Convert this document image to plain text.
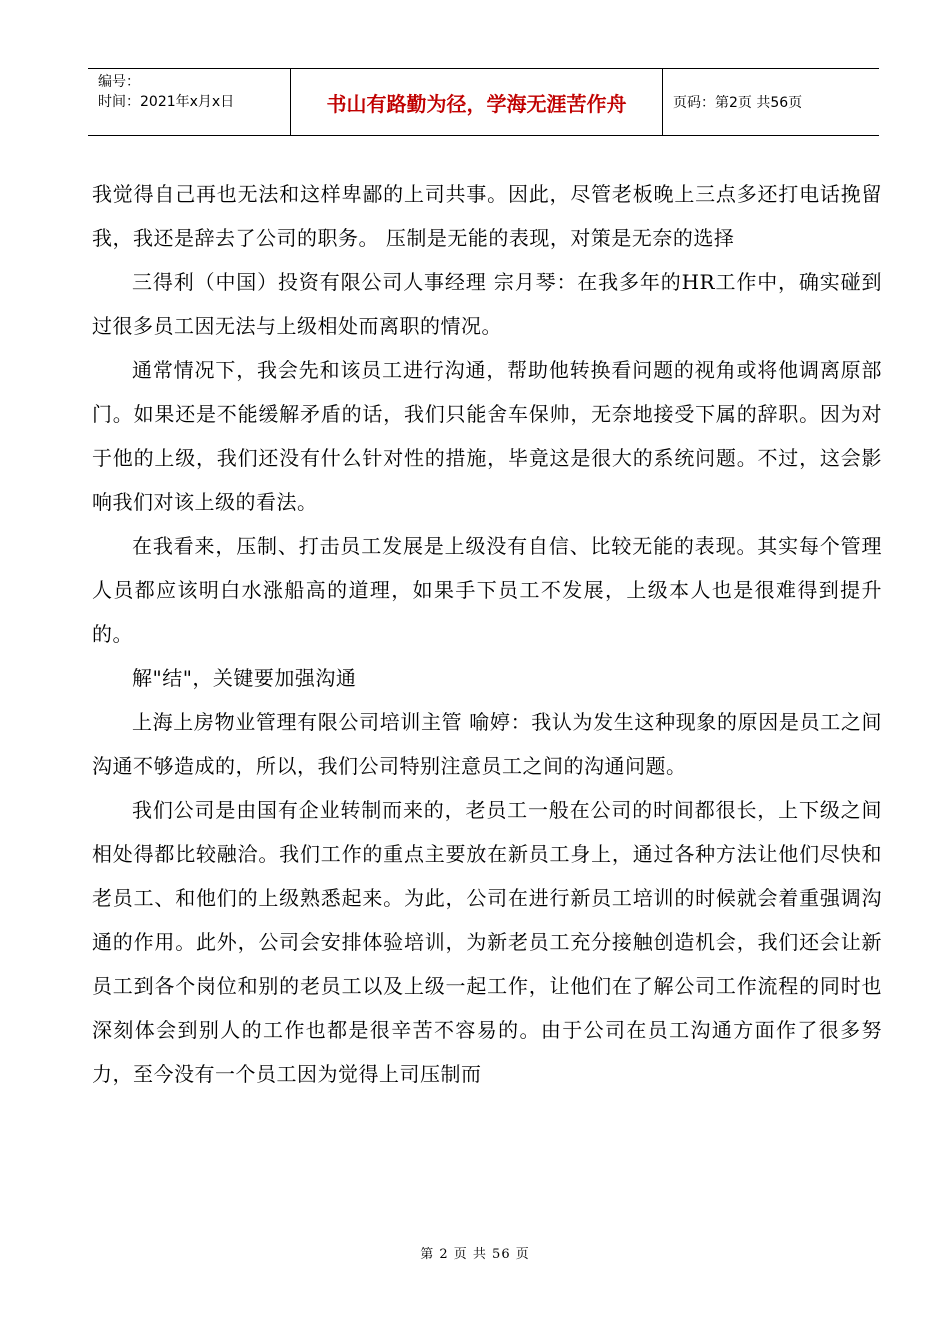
编号：
时间：2021年x月x日	书山有路勤为径，学海无涯苦作舟	页码：第2页 共56页

我觉得自己再也无法和这样卑鄙的上司共事。因此，尽管老板晚上三点多还打电话挽留我，我还是辞去了公司的职务。 压制是无能的表现，对策是无奈的选择

三得利（中国）投资有限公司人事经理 宗月琴：在我多年的HR工作中，确实碰到过很多员工因无法与上级相处而离职的情况。

通常情况下，我会先和该员工进行沟通，帮助他转换看问题的视角或将他调离原部门。如果还是不能缓解矛盾的话，我们只能舍车保帅，无奈地接受下属的辞职。因为对于他的上级，我们还没有什么针对性的措施，毕竟这是很大的系统问题。不过，这会影响我们对该上级的看法。

在我看来，压制、打击员工发展是上级没有自信、比较无能的表现。其实每个管理人员都应该明白水涨船高的道理，如果手下员工不发展，上级本人也是很难得到提升的。

解"结"，关键要加强沟通

上海上房物业管理有限公司培训主管 喻婷：我认为发生这种现象的原因是员工之间沟通不够造成的，所以，我们公司特别注意员工之间的沟通问题。

我们公司是由国有企业转制而来的，老员工一般在公司的时间都很长，上下级之间相处得都比较融洽。我们工作的重点主要放在新员工身上，通过各种方法让他们尽快和老员工、和他们的上级熟悉起来。为此，公司在进行新员工培训的时候就会着重强调沟通的作用。此外，公司会安排体验培训，为新老员工充分接触创造机会，我们还会让新员工到各个岗位和别的老员工以及上级一起工作，让他们在了解公司工作流程的同时也深刻体会到别人的工作也都是很辛苦不容易的。由于公司在员工沟通方面作了很多努力，至今没有一个员工因为觉得上司压制而

第 2 页 共 56 页
